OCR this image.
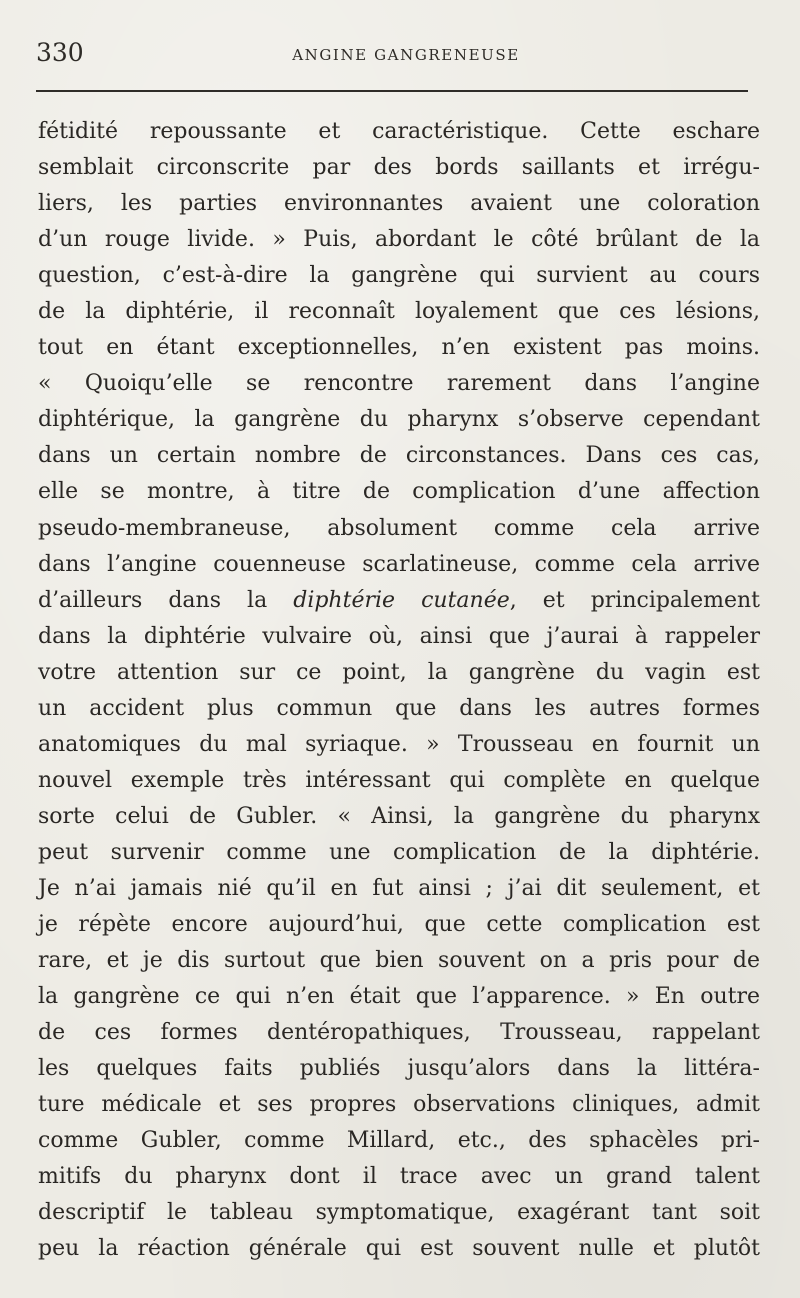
330	ANGINE GANGRENEUSE
fétidité repoussante et caractéristique. Cette eschare
semblait circonscrite par des bords saillants et irrégu-
liers, les parties environnantes avaient une coloration
d’un rouge livide. » Puis, abordant le côté brûlant de la
question, c’est-à-dire la gangrène qui survient au cours
de la diphtérie, il reconnaît loyalement que ces lésions,
tout en étant exceptionnelles, n’en existent pas moins.
« Quoiqu’elle se rencontre rarement dans l’angine
diphtérique, la gangrène du pharynx s’observe cependant
dans un certain nombre de circonstances. Dans ces cas,
elle se montre, à titre de complication d’une affection
pseudo-membraneuse, absolument comme cela arrive
dans l’angine couenneuse scarlatineuse, comme cela arrive
d’ailleurs dans la diphtérie cutanée, et principalement
dans la diphtérie vulvaire où, ainsi que j’aurai à rappeler
votre attention sur ce point, la gangrène du vagin est
un accident plus commun que dans les autres formes
anatomiques du mal syriaque. » Trousseau en fournit un
nouvel exemple très intéressant qui complète en quelque
sorte celui de Gubler. « Ainsi, la gangrène du pharynx
peut survenir comme une complication de la diphtérie.
Je n’ai jamais nié qu’il en fut ainsi ; j’ai dit seulement, et
je répète encore aujourd’hui, que cette complication est
rare, et je dis surtout que bien souvent on a pris pour de
la gangrène ce qui n’en était que l’apparence. » En outre
de ces formes dentéropathiques, Trousseau, rappelant
les quelques faits publiés jusqu’alors dans la littéra-
ture médicale et ses propres observations cliniques, admit
comme Gubler, comme Millard, etc., des sphacèles pri-
mitifs du pharynx dont il trace avec un grand talent
descriptif le tableau symptomatique, exagérant tant soit
peu la réaction générale qui est souvent nulle et plutôt
